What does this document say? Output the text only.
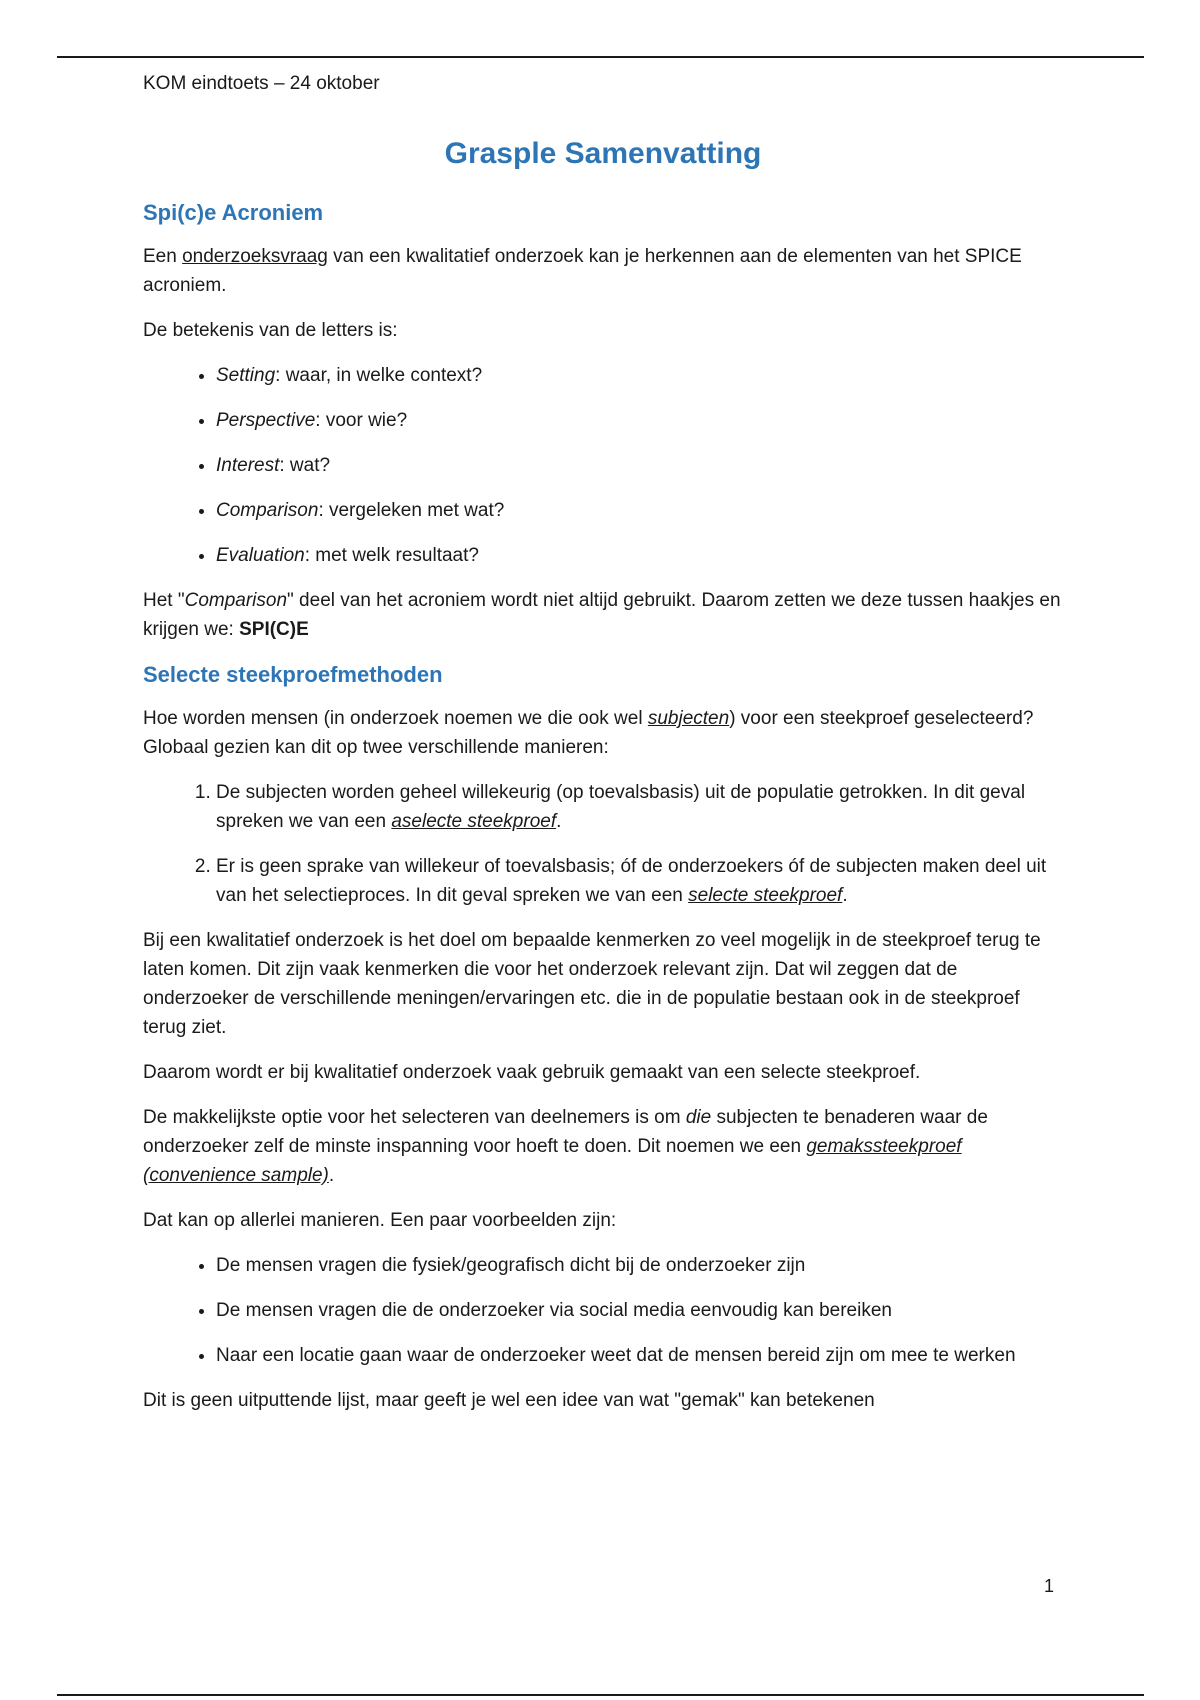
KOM eindtoets – 24 oktober
Grasple Samenvatting
Spi(c)e Acroniem

Een onderzoeksvraag van een kwalitatief onderzoek kan je herkennen aan de elementen van het SPICE acroniem.

De betekenis van de letters is:

• Setting: waar, in welke context?
• Perspective: voor wie?
• Interest: wat?
• Comparison: vergeleken met wat?
• Evaluation: met welk resultaat?

Het "Comparison" deel van het acroniem wordt niet altijd gebruikt. Daarom zetten we deze tussen haakjes en krijgen we: SPI(C)E

Selecte steekproefmethoden

Hoe worden mensen (in onderzoek noemen we die ook wel subjecten) voor een steekproef geselecteerd? Globaal gezien kan dit op twee verschillende manieren:

1. De subjecten worden geheel willekeurig (op toevalsbasis) uit de populatie getrokken. In dit geval spreken we van een aselecte steekproef.
2. Er is geen sprake van willekeur of toevalsbasis; óf de onderzoekers óf de subjecten maken deel uit van het selectieproces. In dit geval spreken we van een selecte steekproef.

Bij een kwalitatief onderzoek is het doel om bepaalde kenmerken zo veel mogelijk in de steekproef terug te laten komen. Dit zijn vaak kenmerken die voor het onderzoek relevant zijn. Dat wil zeggen dat de onderzoeker de verschillende meningen/ervaringen etc. die in de populatie bestaan ook in de steekproef terug ziet.

Daarom wordt er bij kwalitatief onderzoek vaak gebruik gemaakt van een selecte steekproef.

De makkelijkste optie voor het selecteren van deelnemers is om die subjecten te benaderen waar de onderzoeker zelf de minste inspanning voor hoeft te doen. Dit noemen we een gemakssteekproef (convenience sample).

Dat kan op allerlei manieren. Een paar voorbeelden zijn:

• De mensen vragen die fysiek/geografisch dicht bij de onderzoeker zijn
• De mensen vragen die de onderzoeker via social media eenvoudig kan bereiken
• Naar een locatie gaan waar de onderzoeker weet dat de mensen bereid zijn om mee te werken

Dit is geen uitputtende lijst, maar geeft je wel een idee van wat "gemak" kan betekenen

1
